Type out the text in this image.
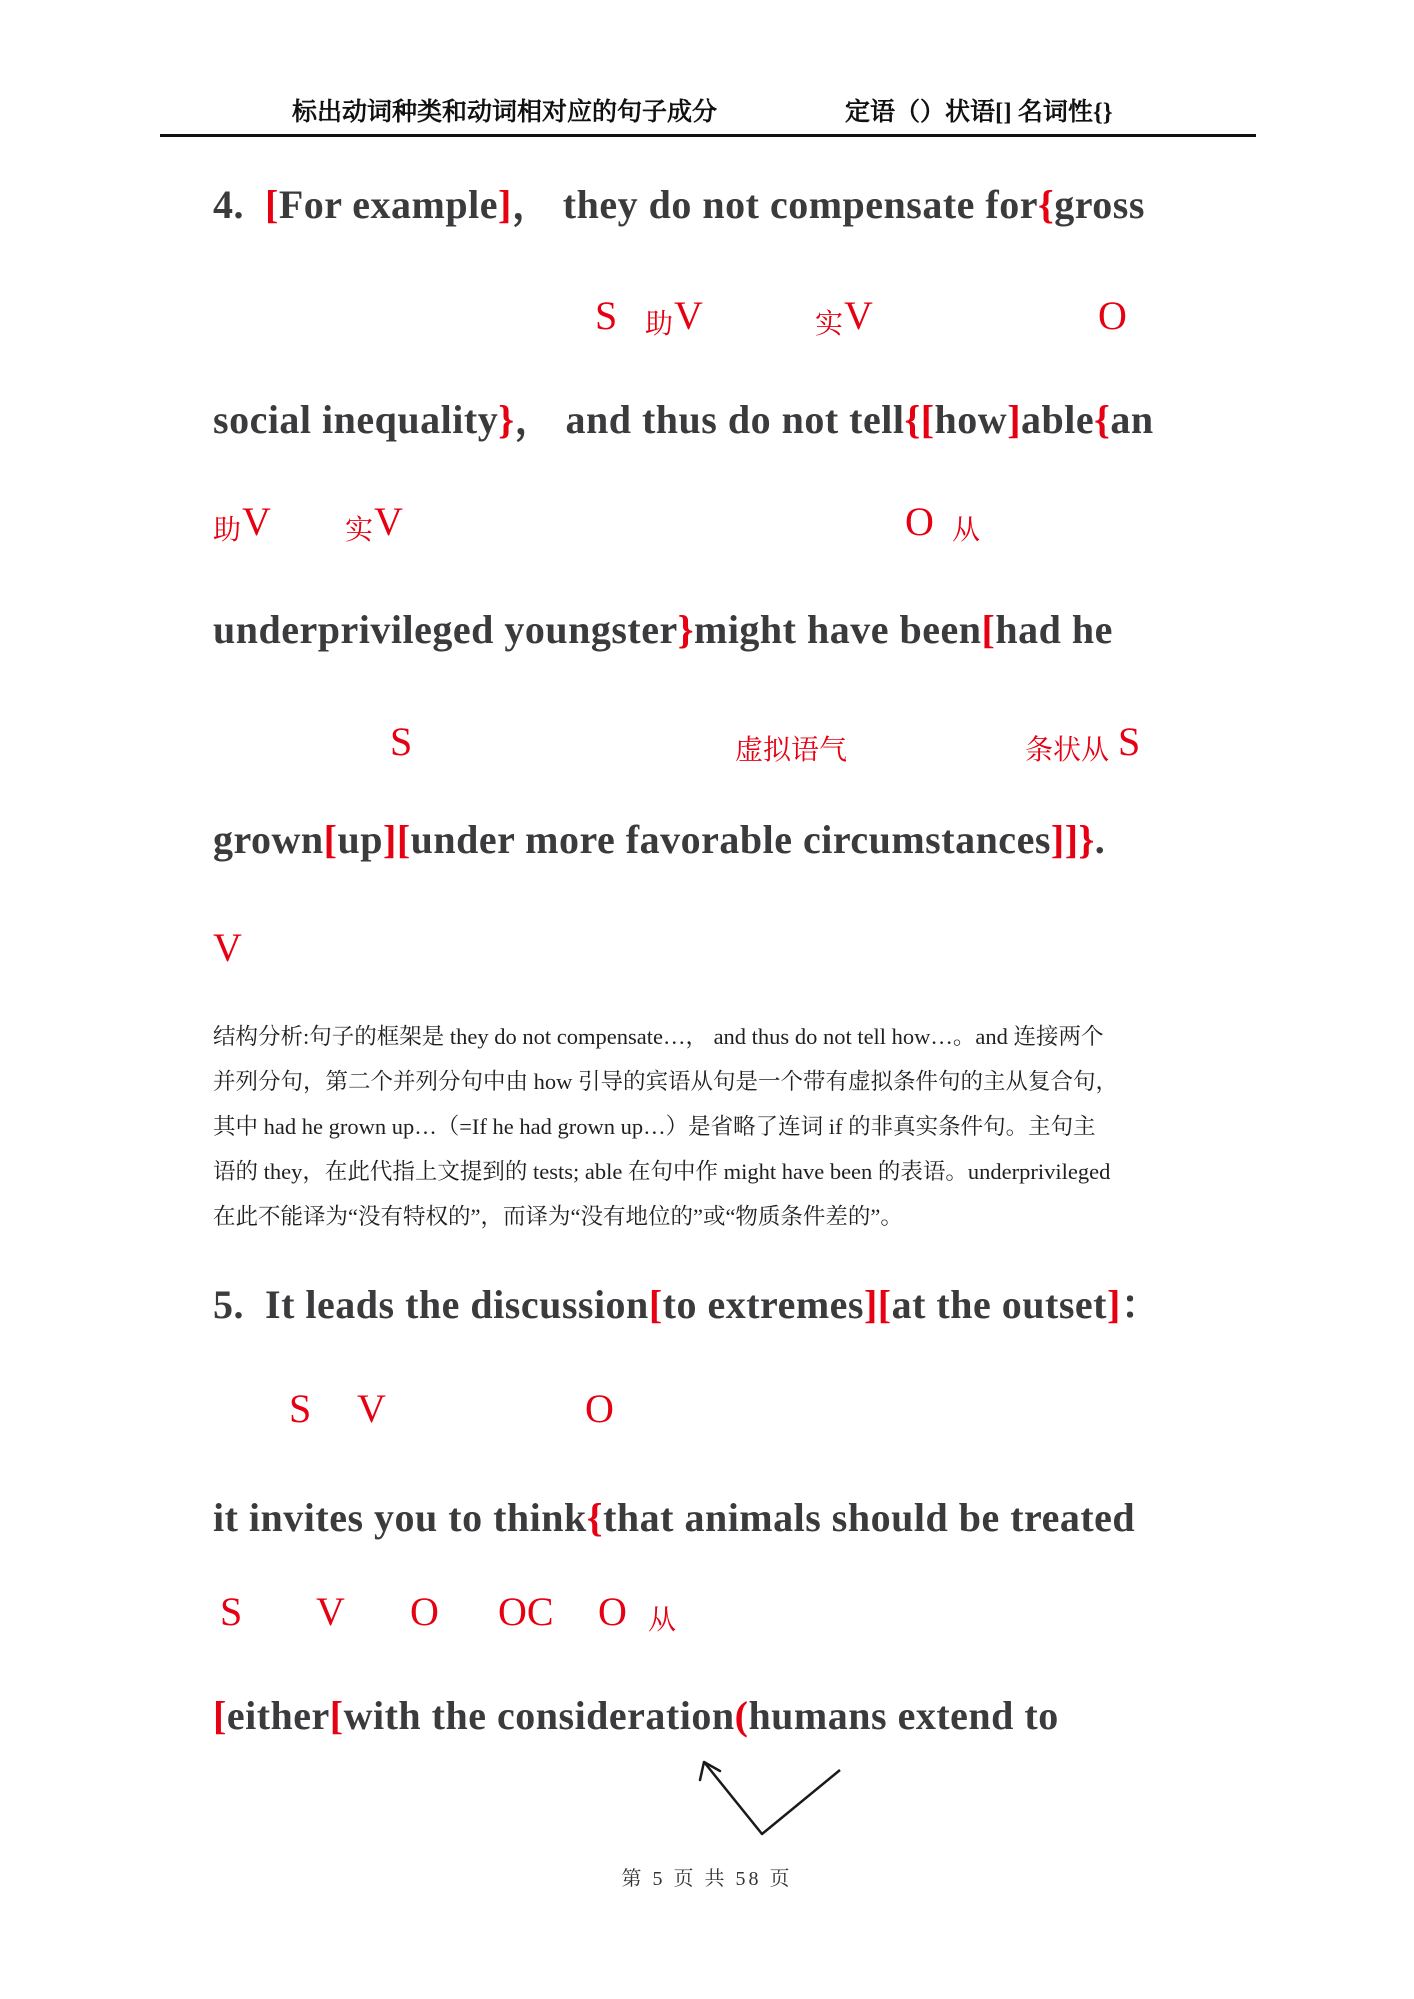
标出动词种类和动词相对应的句子成分	定语（）状语[] 名词性{}
4.  [For example]， they do not compensate for{gross
S 助 V	实 V	O
social inequality}， and thus do not tell{[how]able{an
助 V	实 V	O 从
underprivileged youngster}might have been[had he
S	虚拟语气	条状从 S
grown[up][under more favorable circumstances]]}.
V
结构分析:句子的框架是 they do not compensate…， and thus do not tell how…。and 连接两个
并列分句，第二个并列分句中由 how 引导的宾语从句是一个带有虚拟条件句的主从复合句，
其中 had he grown up…（=If he had grown up…）是省略了连词 if 的非真实条件句。主句主
语的 they，在此代指上文提到的 tests; able 在句中作 might have been 的表语。underprivileged
在此不能译为“没有特权的”，而译为“没有地位的”或“物质条件差的”。
5.  It leads the discussion[to extremes][at the outset]：
S V	O
it invites you to think{that animals should be treated
S V O OC O 从
[either[with the consideration(humans extend to
第 5 页 共 58 页
